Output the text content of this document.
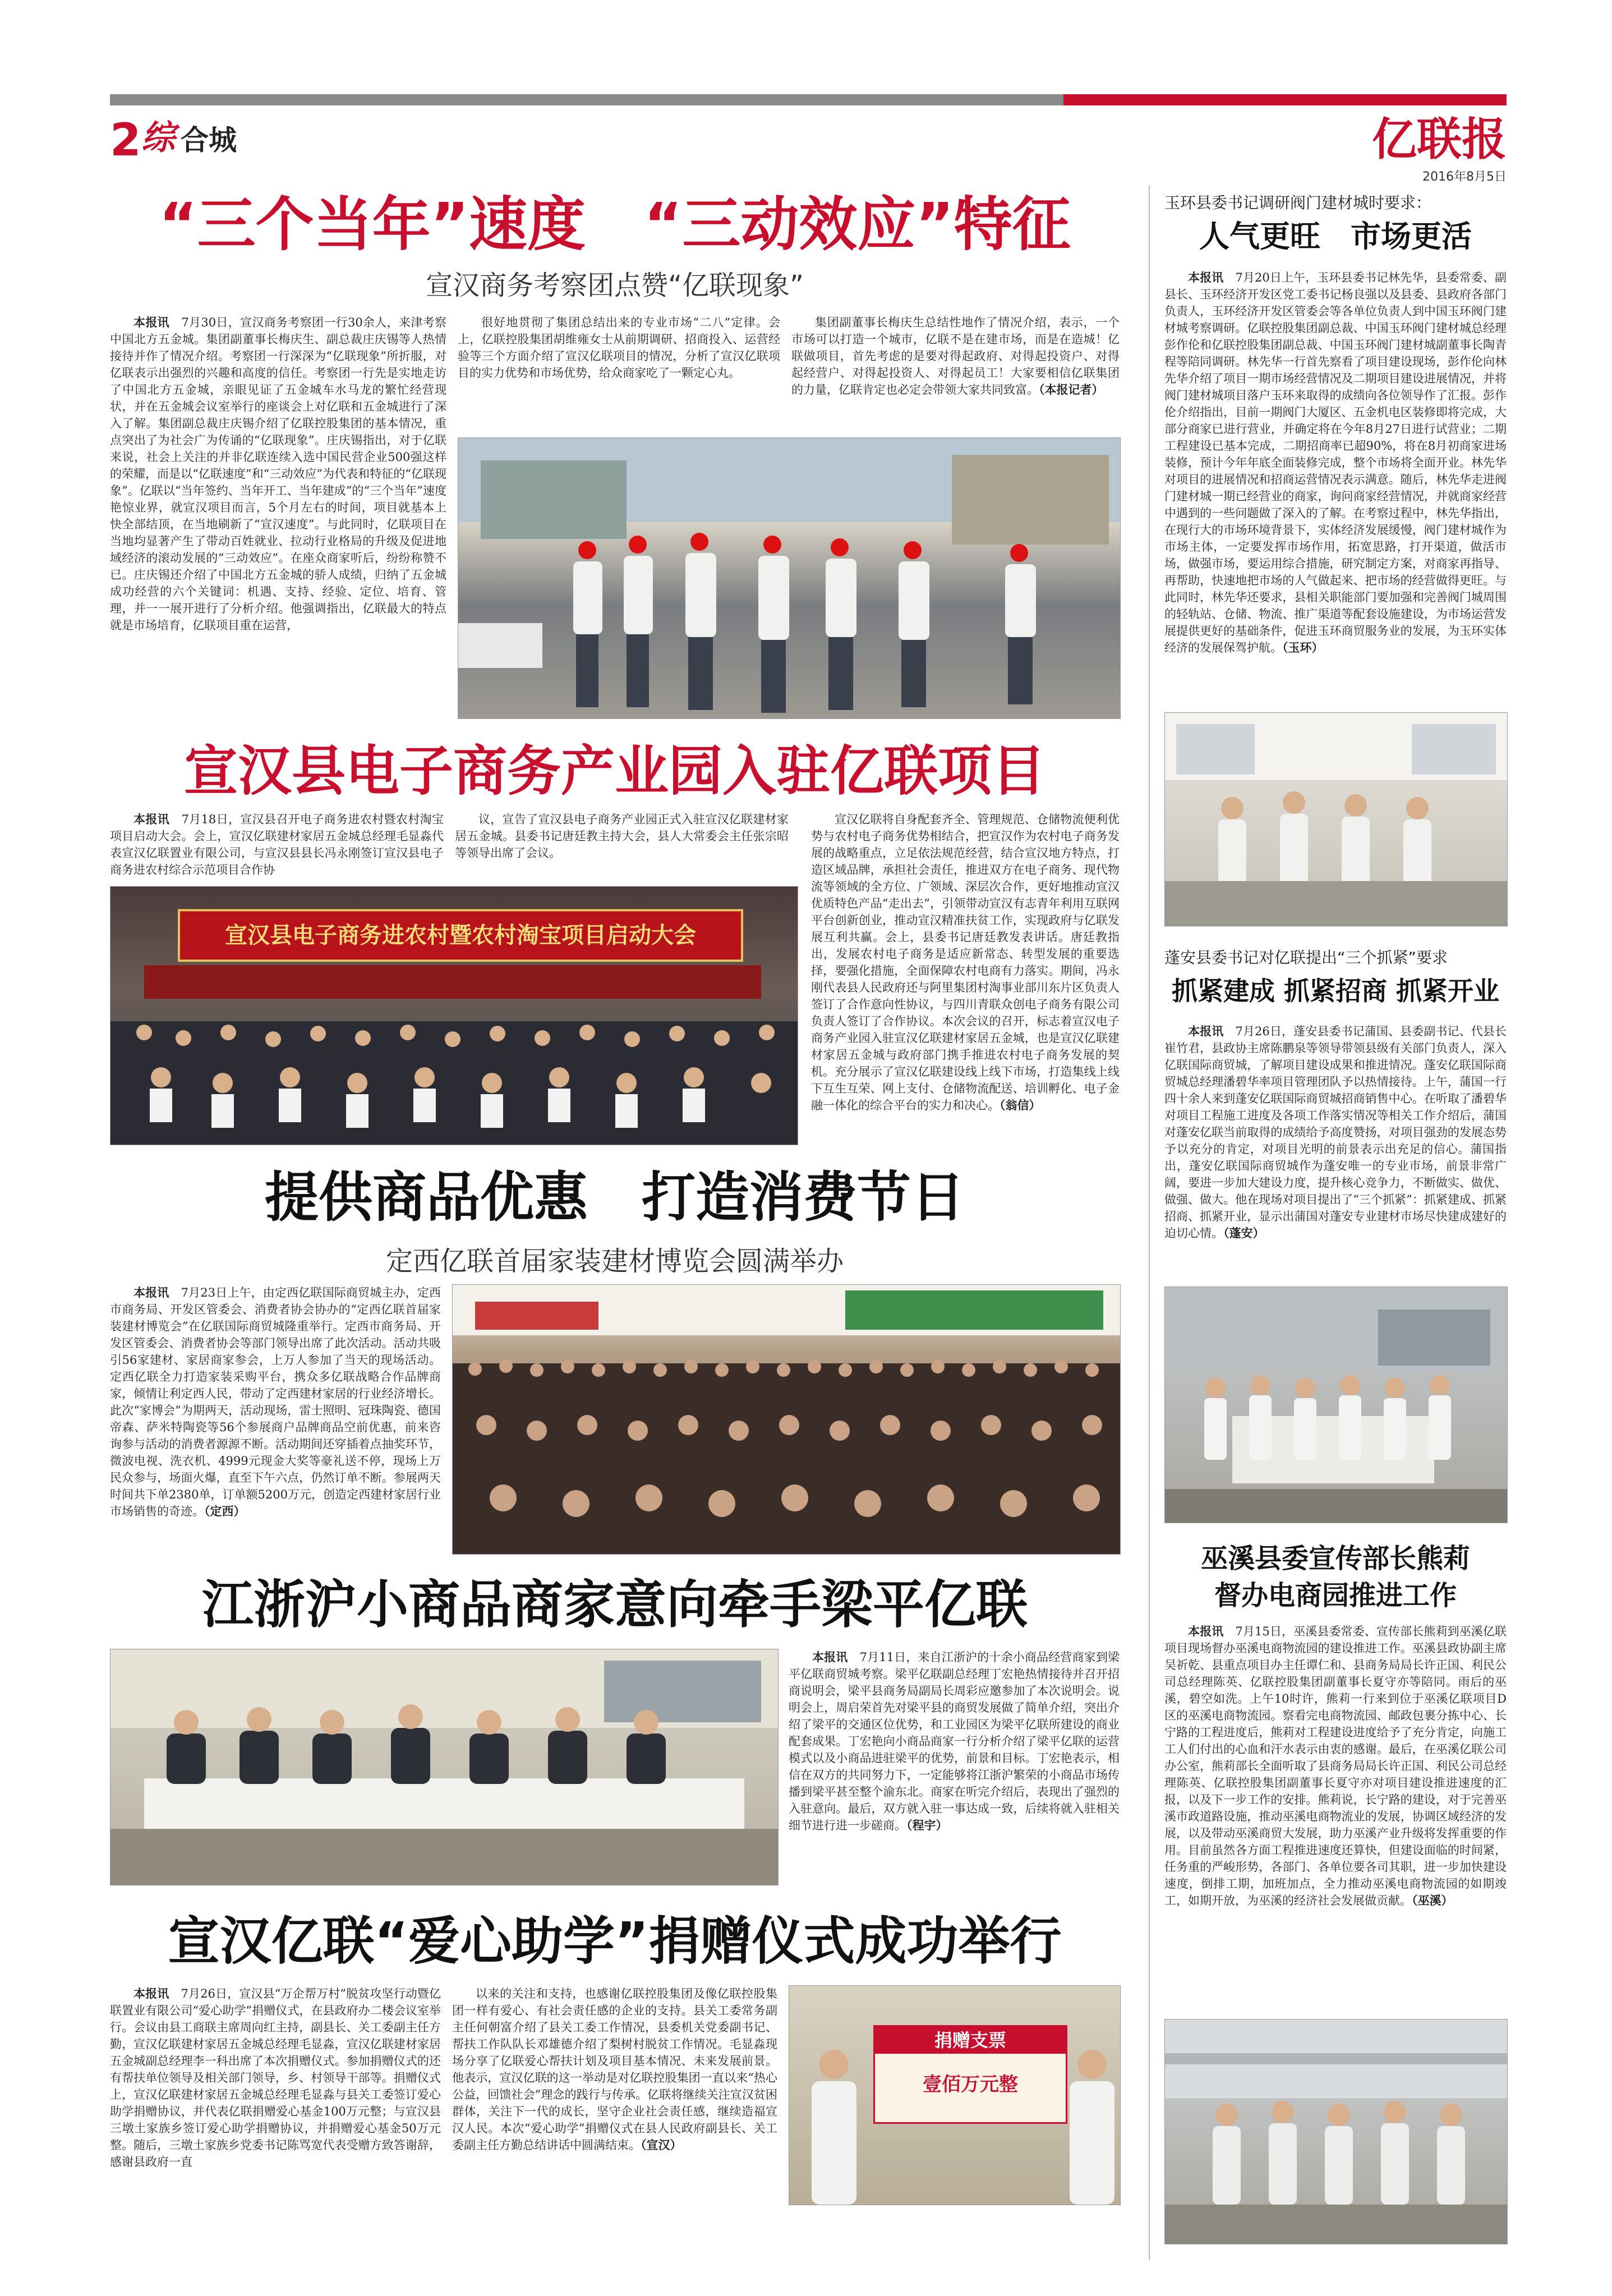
2 综 合城	亿联报
2016年8月5日
“三个当年”速度　“三动效应”特征
宣汉商务考察团点赞“亿联现象”

本报讯　 7月30日，宣汉商务考察团一行30余人，来津考察中国北方五金城。集团副董事长梅庆生、副总裁庄庆锡等人热情接待并作了情况介绍。考察团一行深深为“亿联现象”所折服，对亿联表示出强烈的兴趣和高度的信任。考察团一行先是实地走访了中国北方五金城，亲眼见证了五金城车水马龙的繁忙经营现状，并在五金城会议室举行的座谈会上对亿联和五金城进行了深入了解。集团副总裁庄庆锡介绍了亿联控股集团的基本情况，重点突出了为社会广为传诵的“亿联现象”。庄庆锡指出，对于亿联来说，社会上关注的并非亿联连续入选中国民营企业500强这样的荣耀，而是以“亿联速度”和“三动效应”为代表和特征的“亿联现象”。亿联以“当年签约、当年开工、当年建成”的“三个当年”速度艳惊业界，就宣汉项目而言，5个月左右的时间，项目就基本上快全部结顶，在当地刷新了“宣汉速度”。与此同时，亿联项目在当地均显著产生了带动百姓就业、拉动行业格局的升级及促进地域经济的滚动发展的“三动效应”。在座众商家听后，纷纷称赞不已。庄庆锡还介绍了中国北方五金城的骄人成绩，归纳了五金城成功经营的六个关键词：机遇、支持、经验、定位、培育、管理，并一一展开进行了分析介绍。他强调指出，亿联最大的特点就是市场培育，亿联项目重在运营，

很好地贯彻了集团总结出来的专业市场“二八”定律。会上，亿联控股集团胡维雍女士从前期调研、招商投入、运营经验等三个方面介绍了宣汉亿联项目的情况，分析了宣汉亿联项目的实力优势和市场优势，给众商家吃了一颗定心丸。

集团副董事长梅庆生总结性地作了情况介绍，表示，一个市场可以打造一个城市，亿联不是在建市场，而是在造城！亿联做项目，首先考虑的是要对得起政府、对得起投资户、对得起经营户、对得起投资人、对得起员工！大家要相信亿联集团的力量，亿联肯定也必定会带领大家共同致富。（本报记者）

宣汉县电子商务产业园入驻亿联项目

本报讯　 7月18日，宣汉县召开电子商务进农村暨农村淘宝项目启动大会。会上，宣汉亿联建材家居五金城总经理毛显淼代表宣汉亿联置业有限公司，与宣汉县县长冯永刚签订宣汉县电子商务进农村综合示范项目合作协

议，宣告了宣汉县电子商务产业园正式入驻宣汉亿联建材家居五金城。县委书记唐廷教主持大会，县人大常委会主任张宗昭等领导出席了会议。

宣汉亿联将自身配套齐全、管理规范、仓储物流便利优势与农村电子商务优势相结合，把宣汉作为农村电子商务发展的战略重点，立足依法规范经营，结合宣汉地方特点，打造区域品牌，承担社会责任，推进双方在电子商务、现代物流等领域的全方位、广领域、深层次合作，更好地推动宣汉优质特色产品“走出去”，引领带动宣汉有志青年利用互联网平台创新创业，推动宣汉精准扶贫工作，实现政府与亿联发展互利共赢。会上，县委书记唐廷教发表讲话。唐廷教指出，发展农村电子商务是适应新常态、转型发展的重要选择，要强化措施，全面保障农村电商有力落实。期间，冯永刚代表县人民政府还与阿里集团村淘事业部川东片区负责人签订了合作意向性协议，与四川青联众创电子商务有限公司负责人签订了合作协议。本次会议的召开，标志着宣汉电子商务产业园入驻宣汉亿联建材家居五金城，也是宣汉亿联建材家居五金城与政府部门携手推进农村电子商务发展的契机。充分展示了宣汉亿联建设线上线下市场，打造集线上线下互生互荣、网上支付、仓储物流配送、培训孵化、电子金融一体化的综合平台的实力和决心。（翁信）

宣汉县电子商务进农村暨农村淘宝项目启动大会
提供商品优惠　打造消费节日
定西亿联首届家装建材博览会圆满举办

本报讯　 7月23日上午，由定西亿联国际商贸城主办，定西市商务局、开发区管委会、消费者协会协办的“定西亿联首届家装建材博览会”在亿联国际商贸城隆重举行。定西市商务局、开发区管委会、消费者协会等部门领导出席了此次活动。活动共吸引56家建材、家居商家参会，上万人参加了当天的现场活动。定西亿联全力打造家装采购平台，携众多亿联战略合作品牌商家，倾情让利定西人民，带动了定西建材家居的行业经济增长。此次“家博会”为期两天，活动现场，雷士照明、冠珠陶瓷、德国帝森、萨米特陶瓷等56个参展商户品牌商品空前优惠，前来咨询参与活动的消费者源源不断。活动期间还穿插着点抽奖环节，微波电视、洗衣机、4999元现金大奖等豪礼送不停，现场上万民众参与，场面火爆，直至下午六点，仍然订单不断。参展两天时间共下单2380单，订单额5200万元，创造定西建材家居行业市场销售的奇迹。（定西）

江浙沪小商品商家意向牵手梁平亿联

本报讯　 7月11日，来自江浙沪的十余小商品经营商家到梁平亿联商贸城考察。梁平亿联副总经理丁宏艳热情接待并召开招商说明会，梁平县商务局副局长周彩应邀参加了本次说明会。说明会上，周启荣首先对梁平县的商贸发展做了简单介绍，突出介绍了梁平的交通区位优势，和工业园区为梁平亿联所建设的商业配套成果。丁宏艳向小商品商家一行分析介绍了梁平亿联的运营模式以及小商品进驻梁平的优势，前景和目标。丁宏艳表示，相信在双方的共同努力下，一定能够将江浙沪繁荣的小商品市场传播到梁平甚至整个渝东北。商家在听完介绍后，表现出了强烈的入驻意向。最后，双方就入驻一事达成一致，后续将就入驻相关细节进行进一步磋商。（程宇）

宣汉亿联“爱心助学”捐赠仪式成功举行

本报讯　 7月26日，宣汉县“万企帮万村”脱贫攻坚行动暨亿联置业有限公司“爱心助学”捐赠仪式，在县政府办二楼会议室举行。会议由县工商联主席周向红主持，副县长、关工委副主任方勤，宣汉亿联建材家居五金城总经理毛显淼，宣汉亿联建材家居五金城副总经理李一科出席了本次捐赠仪式。参加捐赠仪式的还有帮扶单位领导及相关部门领导，乡、村领导干部等。捐赠仪式上，宣汉亿联建材家居五金城总经理毛显淼与县关工委签订爱心助学捐赠协议，并代表亿联捐赠爱心基金100万元整；与宣汉县三墩土家族乡签订爱心助学捐赠协议，并捐赠爱心基金50万元整。随后，三墩土家族乡党委书记陈骂宽代表受赠方致答谢辞，感谢县政府一直

以来的关注和支持，也感谢亿联控股集团及像亿联控股集团一样有爱心、有社会责任感的企业的支持。县关工委常务副主任何朝富介绍了县关工委工作情况，县委机关党委副书记、帮扶工作队队长邓雄德介绍了梨树村脱贫工作情况。毛显淼现场分享了亿联爱心帮扶计划及项目基本情况、未来发展前景。他表示，宣汉亿联的这一举动是对亿联控股集团一直以来“热心公益，回馈社会”理念的践行与传承。亿联将继续关注宣汉贫困群体，关注下一代的成长，坚守企业社会责任感，继续造福宣汉人民。本次“爱心助学”捐赠仪式在县人民政府副县长、关工委副主任方勤总结讲话中圆满结束。（宣汉）

捐赠支票
壹佰万元整
玉环县委书记调研阀门建材城时要求：
人气更旺　市场更活

本报讯　 7月20日上午，玉环县委书记林先华，县委常委、副县长、玉环经济开发区党工委书记杨良强以及县委、县政府各部门负责人，玉环经济开发区管委会等各单位负责人到中国玉环阀门建材城考察调研。亿联控股集团副总裁、中国玉环阀门建材城总经理彭作伦和亿联控股集团副总裁、中国玉环阀门建材城副董事长陶青程等陪同调研。林先华一行首先察看了项目建设现场，彭作伦向林先华介绍了项目一期市场经营情况及二期项目建设进展情况，并将阀门建材城项目落户玉环来取得的成绩向各位领导作了汇报。彭作伦介绍指出，目前一期阀门大厦区、五金机电区装修即将完成，大部分商家已进行营业，并确定将在今年8月27日进行试营业；二期工程建设已基本完成，二期招商率已超90%，将在8月初商家进场装修，预计今年年底全面装修完成，整个市场将全面开业。林先华对项目的进展情况和招商运营情况表示满意。随后，林先华走进阀门建材城一期已经营业的商家，询问商家经营情况，并就商家经营中遇到的一些问题做了深入的了解。在考察过程中，林先华指出，在现行大的市场环境背景下，实体经济发展缓慢，阀门建材城作为市场主体，一定要发挥市场作用，拓宽思路，打开渠道，做活市场，做强市场，要运用综合措施，研究制定方案，对商家再指导、再帮助，快速地把市场的人气做起来、把市场的经营做得更旺。与此同时，林先华还要求，县相关职能部门要加强和完善阀门城周围的轻轨站、仓储、物流、推广渠道等配套设施建设，为市场运营发展提供更好的基础条件，促进玉环商贸服务业的发展，为玉环实体经济的发展保驾护航。（玉环）

蓬安县委书记对亿联提出“三个抓紧”要求
抓紧建成 抓紧招商 抓紧开业

本报讯　 7月26日，蓬安县委书记蒲国、县委副书记、代县长崔竹君，县政协主席陈鹏泉等领导带领县级有关部门负责人，深入亿联国际商贸城，了解项目建设成果和推进情况。蓬安亿联国际商贸城总经理潘碧华率项目管理团队予以热情接待。上午，蒲国一行四十余人来到蓬安亿联国际商贸城招商销售中心。在听取了潘碧华对项目工程施工进度及各项工作落实情况等相关工作介绍后，蒲国对蓬安亿联当前取得的成绩给予高度赞扬，对项目强劲的发展态势予以充分的肯定，对项目光明的前景表示出充足的信心。蒲国指出，蓬安亿联国际商贸城作为蓬安唯一的专业市场，前景非常广阔，要进一步加大建设力度，提升核心竞争力，不断做实、做优、做强、做大。他在现场对项目提出了“三个抓紧”：抓紧建成、抓紧招商、抓紧开业，显示出蒲国对蓬安专业建材市场尽快建成建好的迫切心情。（蓬安）

巫溪县委宣传部长熊莉
督办电商园推进工作

本报讯　 7月15日，巫溪县委常委、宣传部长熊莉到巫溪亿联项目现场督办巫溪电商物流园的建设推进工作。巫溪县政协副主席吴祈乾、县重点项目办主任谭仁和、县商务局局长许正国、利民公司总经理陈英、亿联控股集团副董事长夏守亦等陪同。雨后的巫溪，碧空如洗。上午10时许，熊莉一行来到位于巫溪亿联项目D区的巫溪电商物流园。察看完电商物流园、邮政包裹分拣中心、长宁路的工程进度后，熊莉对工程建设进度给予了充分肯定，向施工工人们付出的心血和汗水表示由衷的感谢。最后，在巫溪亿联公司办公室，熊莉部长全面听取了县商务局局长许正国、利民公司总经理陈英、亿联控股集团副董事长夏守亦对项目建设推进速度的汇报，以及下一步工作的安排。熊莉说，长宁路的建设，对于完善巫溪市政道路设施，推动巫溪电商物流业的发展，协调区域经济的发展，以及带动巫溪商贸大发展，助力巫溪产业升级将发挥重要的作用。目前虽然各方面工程推进速度还算快，但建设面临的时间紧，任务重的严峻形势，各部门、各单位要各司其职，进一步加快建设速度，倒排工期，加班加点，全力推动巫溪电商物流园的如期竣工，如期开放，为巫溪的经济社会发展做贡献。（巫溪）
